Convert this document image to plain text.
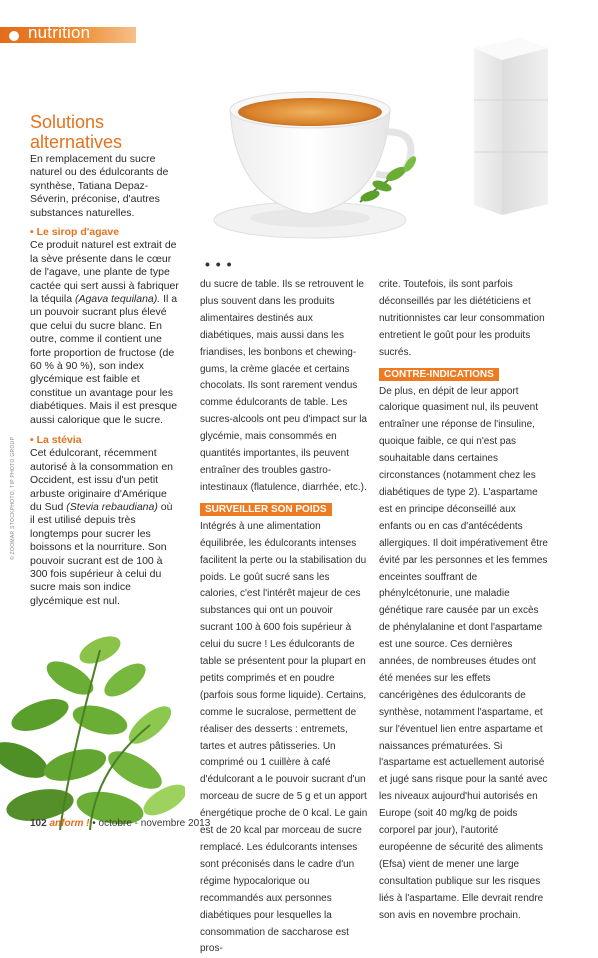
nutrition
© ZOOMAR STOCKPHOTO, TIP PHOTO GROUP
Solutions alternatives
En remplacement du sucre naturel ou des édulcorants de synthèse, Tatiana Depaz-Séverin, préconise, d'autres substances naturelles.
• Le sirop d'agave
Ce produit naturel est extrait de la sève présente dans le cœur de l'agave, une plante de type cactée qui sert aussi à fabriquer la téquila (Agava tequilana). Il a un pouvoir sucrant plus élevé que celui du sucre blanc. En outre, comme il contient une forte proportion de fructose (de 60 % à 90 %), son index glycémique est faible et constitue un avantage pour les diabétiques. Mais il est presque aussi calorique que le sucre.
• La stévia
Cet édulcorant, récemment autorisé à la consommation en Occident, est issu d'un petit arbuste originaire d'Amérique du Sud (Stevia rebaudiana) où il est utilisé depuis très longtemps pour sucrer les boissons et la nourriture. Son pouvoir sucrant est de 100 à 300 fois supérieur à celui du sucre mais son indice glycémique est nul.
• • •
du sucre de table. Ils se retrouvent le plus souvent dans les produits alimentaires destinés aux diabétiques, mais aussi dans les friandises, les bonbons et chewing-gums, la crème glacée et certains chocolats. Ils sont rarement vendus comme édulcorants de table. Les sucres-alcools ont peu d'impact sur la glycémie, mais consommés en quantités importantes, ils peuvent entraîner des troubles gastro-intestinaux (flatulence, diarrhée, etc.).
SURVEILLER SON POIDS
Intégrés à une alimentation équilibrée, les édulcorants intenses facilitent la perte ou la stabilisation du poids. Le goût sucré sans les calories, c'est l'intérêt majeur de ces substances qui ont un pouvoir sucrant 100 à 600 fois supérieur à celui du sucre ! Les édulcorants de table se présentent pour la plupart en petits comprimés et en poudre (parfois sous forme liquide). Certains, comme le sucralose, permettent de réaliser des desserts : entremets, tartes et autres pâtisseries. Un comprimé ou 1 cuillère à café d'édulcorant a le pouvoir sucrant d'un morceau de sucre de 5 g et un apport énergétique proche de 0 kcal. Le gain est de 20 kcal par morceau de sucre remplacé. Les édulcorants intenses sont préconisés dans le cadre d'un régime hypocalorique ou recommandés aux personnes diabétiques pour lesquelles la consommation de saccharose est pros-
crite. Toutefois, ils sont parfois déconseillés par les diététiciens et nutritionnistes car leur consommation entretient le goût pour les produits sucrés.
CONTRE-INDICATIONS
De plus, en dépit de leur apport calorique quasiment nul, ils peuvent entraîner une réponse de l'insuline, quoique faible, ce qui n'est pas souhaitable dans certaines circonstances (notamment chez les diabétiques de type 2). L'aspartame est en principe déconseillé aux enfants ou en cas d'antécédents allergiques. Il doit impérativement être évité par les personnes et les femmes enceintes souffrant de phénylcétonurie, une maladie génétique rare causée par un excès de phénylalanine et dont l'aspartame est une source. Ces dernières années, de nombreuses études ont été menées sur les effets cancérigènes des édulcorants de synthèse, notamment l'aspartame, et sur l'éventuel lien entre aspartame et naissances prématurées. Si l'aspartame est actuellement autorisé et jugé sans risque pour la santé avec les niveaux aujourd'hui autorisés en Europe (soit 40 mg/kg de poids corporel par jour), l'autorité européenne de sécurité des aliments (Efsa) vient de mener une large consultation publique sur les risques liés à l'aspartame. Elle devrait rendre son avis en novembre prochain.
102 anform ! • octobre - novembre 2013
